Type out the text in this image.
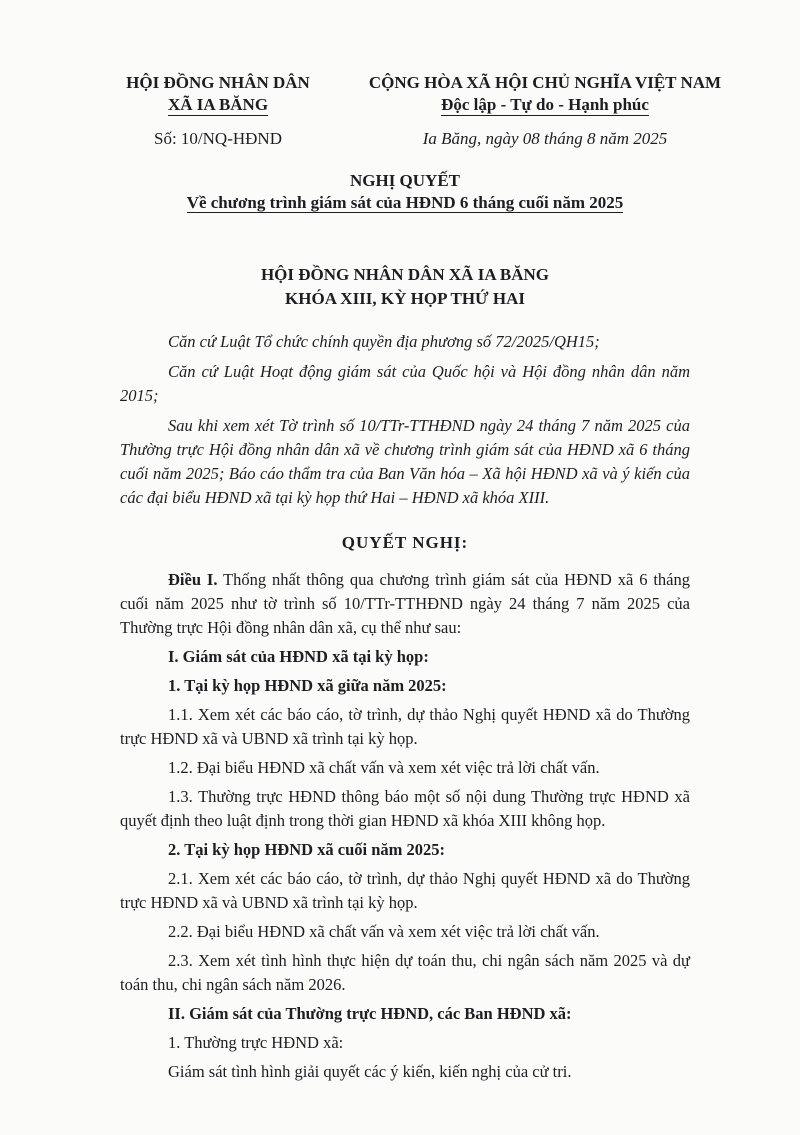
HỘI ĐỒNG NHÂN DÂN
XÃ IA BĂNG
Số: 10/NQ-HĐND
CỘNG HÒA XÃ HỘI CHỦ NGHĨA VIỆT NAM
Độc lập - Tự do - Hạnh phúc
Ia Băng, ngày 08 tháng 8 năm 2025
NGHỊ QUYẾT
Về chương trình giám sát của HĐND 6 tháng cuối năm 2025
HỘI ĐỒNG NHÂN DÂN XÃ IA BĂNG
KHÓA XIII, KỲ HỌP THỨ HAI

Căn cứ Luật Tổ chức chính quyền địa phương số 72/2025/QH15;

Căn cứ Luật Hoạt động giám sát của Quốc hội và Hội đồng nhân dân năm 2015;

Sau khi xem xét Tờ trình số 10/TTr-TTHĐND ngày 24 tháng 7 năm 2025 của Thường trực Hội đồng nhân dân xã về chương trình giám sát của HĐND xã 6 tháng cuối năm 2025; Báo cáo thẩm tra của Ban Văn hóa – Xã hội HĐND xã và ý kiến của các đại biểu HĐND xã tại kỳ họp thứ Hai – HĐND xã khóa XIII.

QUYẾT NGHỊ:

Điều I. Thống nhất thông qua chương trình giám sát của HĐND xã 6 tháng cuối năm 2025 như tờ trình số 10/TTr-TTHĐND ngày 24 tháng 7 năm 2025 của Thường trực Hội đồng nhân dân xã, cụ thể như sau:

I. Giám sát của HĐND xã tại kỳ họp:

1. Tại kỳ họp HĐND xã giữa năm 2025:

1.1. Xem xét các báo cáo, tờ trình, dự thảo Nghị quyết HĐND xã do Thường trực HĐND xã và UBND xã trình tại kỳ họp.

1.2. Đại biểu HĐND xã chất vấn và xem xét việc trả lời chất vấn.

1.3. Thường trực HĐND thông báo một số nội dung Thường trực HĐND xã quyết định theo luật định trong thời gian HĐND xã khóa XIII không họp.

2. Tại kỳ họp HĐND xã cuối năm 2025:

2.1. Xem xét các báo cáo, tờ trình, dự thảo Nghị quyết HĐND xã do Thường trực HĐND xã và UBND xã trình tại kỳ họp.

2.2. Đại biểu HĐND xã chất vấn và xem xét việc trả lời chất vấn.

2.3. Xem xét tình hình thực hiện dự toán thu, chi ngân sách năm 2025 và dự toán thu, chi ngân sách năm 2026.

II. Giám sát của Thường trực HĐND, các Ban HĐND xã:

1. Thường trực HĐND xã:

Giám sát tình hình giải quyết các ý kiến, kiến nghị của cử tri.
